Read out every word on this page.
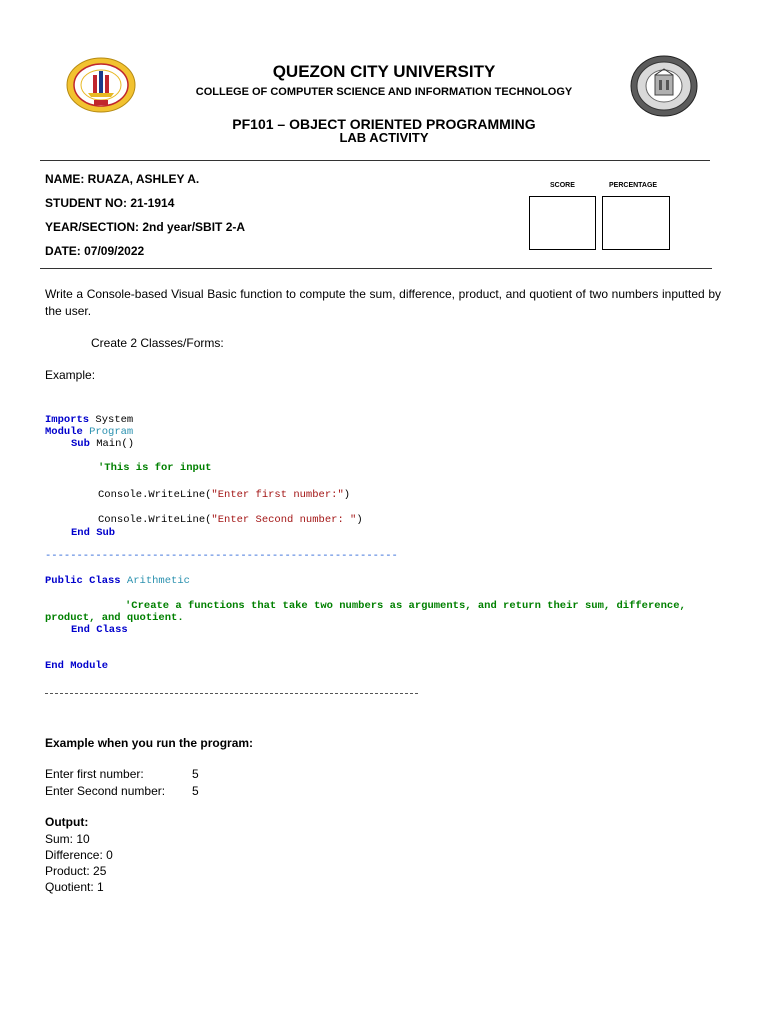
QUEZON CITY UNIVERSITY
COLLEGE OF COMPUTER SCIENCE AND INFORMATION TECHNOLOGY
PF101 – OBJECT ORIENTED PROGRAMMING
LAB ACTIVITY
NAME: RUAZA, ASHLEY A.
STUDENT NO: 21-1914
YEAR/SECTION: 2nd year/SBIT 2-A
DATE: 07/09/2022
SCORE	PERCENTAGE
Write a Console-based Visual Basic function to compute the sum, difference, product, and quotient of two numbers inputted by the user.
Create 2 Classes/Forms:
Example:
Imports System
Module Program
Sub Main()
'This is for input
Console.WriteLine("Enter first number:")
Console.WriteLine("Enter Second number: ")
End Sub
--------------------------------------------------------
Public Class Arithmetic
'Create a functions that take two numbers as arguments, and return their sum, difference,
product, and quotient.
End Class
End Module
Example when you run the program:
Enter first number:	5
Enter Second number: 5
Output:
Sum: 10
Difference: 0
Product: 25
Quotient: 1
